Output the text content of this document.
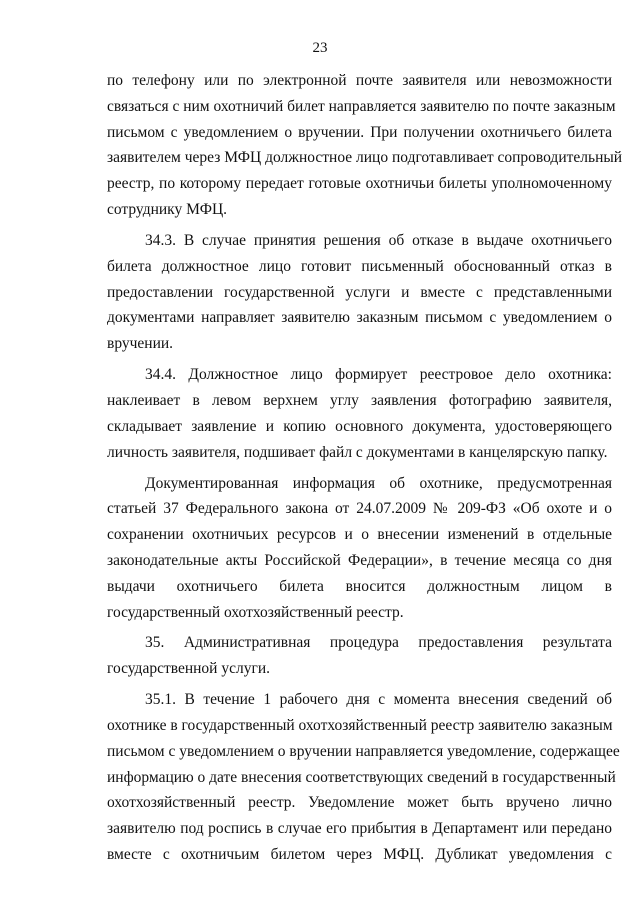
23
по телефону или по электронной почте заявителя или невозможности
связаться с ним охотничий билет направляется заявителю по почте заказным
письмом с уведомлением о вручении. При получении охотничьего билета
заявителем через МФЦ должностное лицо подготавливает сопроводительный
реестр, по которому передает готовые охотничьи билеты уполномоченному
сотруднику МФЦ.
34.3. В случае принятия решения об отказе в выдаче охотничьего
билета должностное лицо готовит письменный обоснованный отказ в
предоставлении государственной услуги и вместе с представленными
документами направляет заявителю заказным письмом с уведомлением о
вручении.
34.4. Должностное лицо формирует реестровое дело охотника:
наклеивает в левом верхнем углу заявления фотографию заявителя,
складывает заявление и копию основного документа, удостоверяющего
личность заявителя, подшивает файл с документами в канцелярскую папку.
Документированная информация об охотнике, предусмотренная
статьей 37 Федерального закона от 24.07.2009 № 209-ФЗ «Об охоте и о
сохранении охотничьих ресурсов и о внесении изменений в отдельные
законодательные акты Российской Федерации», в течение месяца со дня
выдачи охотничьего билета вносится должностным лицом в
государственный охотхозяйственный реестр.
35. Административная процедура предоставления результата
государственной услуги.
35.1. В течение 1 рабочего дня с момента внесения сведений об
охотнике в государственный охотхозяйственный реестр заявителю заказным
письмом с уведомлением о вручении направляется уведомление, содержащее
информацию о дате внесения соответствующих сведений в государственный
охотхозяйственный реестр. Уведомление может быть вручено лично
заявителю под роспись в случае его прибытия в Департамент или передано
вместе с охотничьим билетом через МФЦ. Дубликат уведомления с
